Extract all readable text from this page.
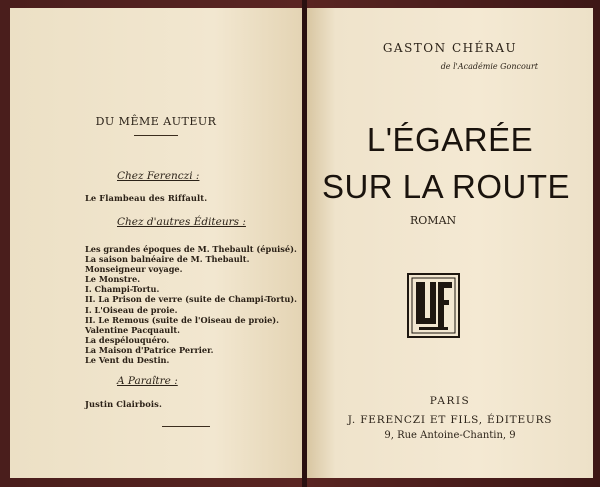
DU MÊME AUTEUR
Chez Ferenczi :
Le Flambeau des Riffault.
Chez d'autres Éditeurs :
Les grandes époques de M. Thebault (épuisé).
La saison balnéaire de M. Thebault.
Monseigneur voyage.
Le Monstre.
I. Champi-Tortu.
II. La Prison de verre (suite de Champi-Tortu).
I. L'Oiseau de proie.
II. Le Remous (suite de l'Oiseau de proie).
Valentine Pacquault.
La despélouquéro.
La Maison d'Patrice Perrier.
Le Vent du Destin.
A Paraître :
Justin Clairbois.
GASTON CHÉRAU
de l'Académie Goncourt
L'ÉGARÉE
SUR LA ROUTE
ROMAN
PARIS
J. FERENCZI ET FILS, ÉDITEURS
9, Rue Antoine-Chantin, 9
